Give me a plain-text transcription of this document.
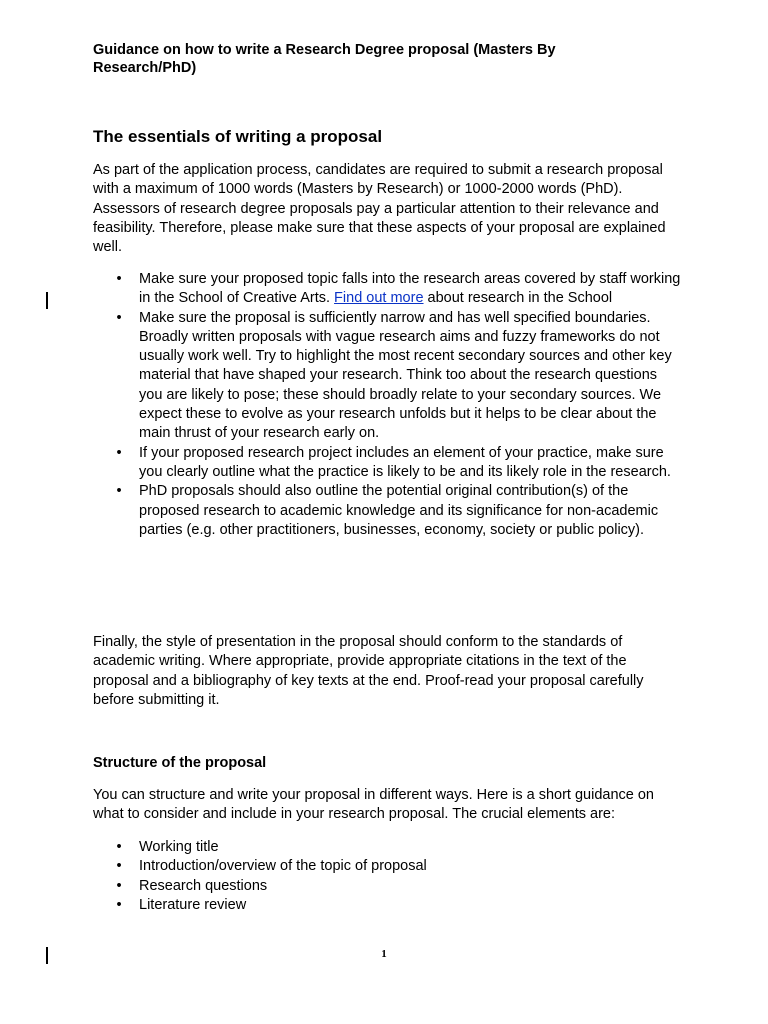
Guidance on how to write a Research Degree proposal (Masters By Research/PhD)

The essentials of writing a proposal

As part of the application process, candidates are required to submit a research proposal with a maximum of 1000 words (Masters by Research) or 1000-2000 words (PhD). Assessors of research degree proposals pay a particular attention to their relevance and feasibility. Therefore, please make sure that these aspects of your proposal are explained well.

• Make sure your proposed topic falls into the research areas covered by staff working in the School of Creative Arts. Find out more about research in the School
• Make sure the proposal is sufficiently narrow and has well specified boundaries. Broadly written proposals with vague research aims and fuzzy frameworks do not usually work well. Try to highlight the most recent secondary sources and other key material that have shaped your research. Think too about the research questions you are likely to pose; these should broadly relate to your secondary sources. We expect these to evolve as your research unfolds but it helps to be clear about the main thrust of your research early on.
• If your proposed research project includes an element of your practice, make sure you clearly outline what the practice is likely to be and its likely role in the research.
• PhD proposals should also outline the potential original contribution(s) of the proposed research to academic knowledge and its significance for non-academic parties (e.g. other practitioners, businesses, economy, society or public policy).

Finally, the style of presentation in the proposal should conform to the standards of academic writing. Where appropriate, provide appropriate citations in the text of the proposal and a bibliography of key texts at the end. Proof-read your proposal carefully before submitting it.

Structure of the proposal

You can structure and write your proposal in different ways. Here is a short guidance on what to consider and include in your research proposal. The crucial elements are:

• Working title
• Introduction/overview of the topic of proposal
• Research questions
• Literature review
1
